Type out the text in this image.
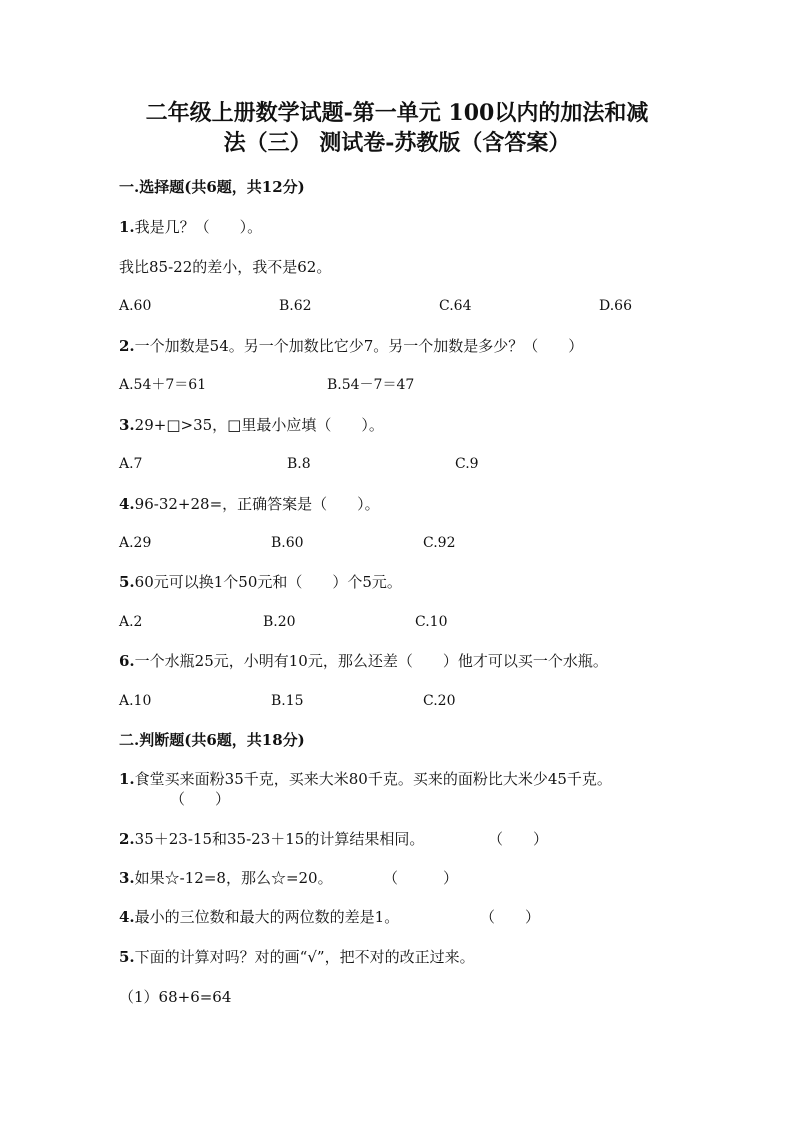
二年级上册数学试题-第一单元 100以内的加法和减
法（三） 测试卷-苏教版（含答案）
一.选择题(共6题，共12分)
1.我是几？（　　）。
我比85-22的差小，我不是62。
A.60	B.62	C.64	D.66
2.一个加数是54。另一个加数比它少7。另一个加数是多少？（　　）
A.54＋7＝61	B.54－7＝47
3.29+□>35，□里最小应填（　　）。
A.7	B.8	C.9
4.96-32+28=，正确答案是（　　）。
A.29	B.60	C.92
5.60元可以换1个50元和（　　）个5元。
A.2	B.20	C.10
6.一个水瓶25元，小明有10元，那么还差（　　）他才可以买一个水瓶。
A.10	B.15	C.20
二.判断题(共6题，共18分)
1.食堂买来面粉35千克，买来大米80千克。买来的面粉比大米少45千克。
（　　）
2.35＋23-15和35-23＋15的计算结果相同。	（　　）
3.如果☆-12=8，那么☆=20。	（　　　）
4.最小的三位数和最大的两位数的差是1。	（　　）
5.下面的计算对吗？对的画“√”，把不对的改正过来。
（1）68+6=64
